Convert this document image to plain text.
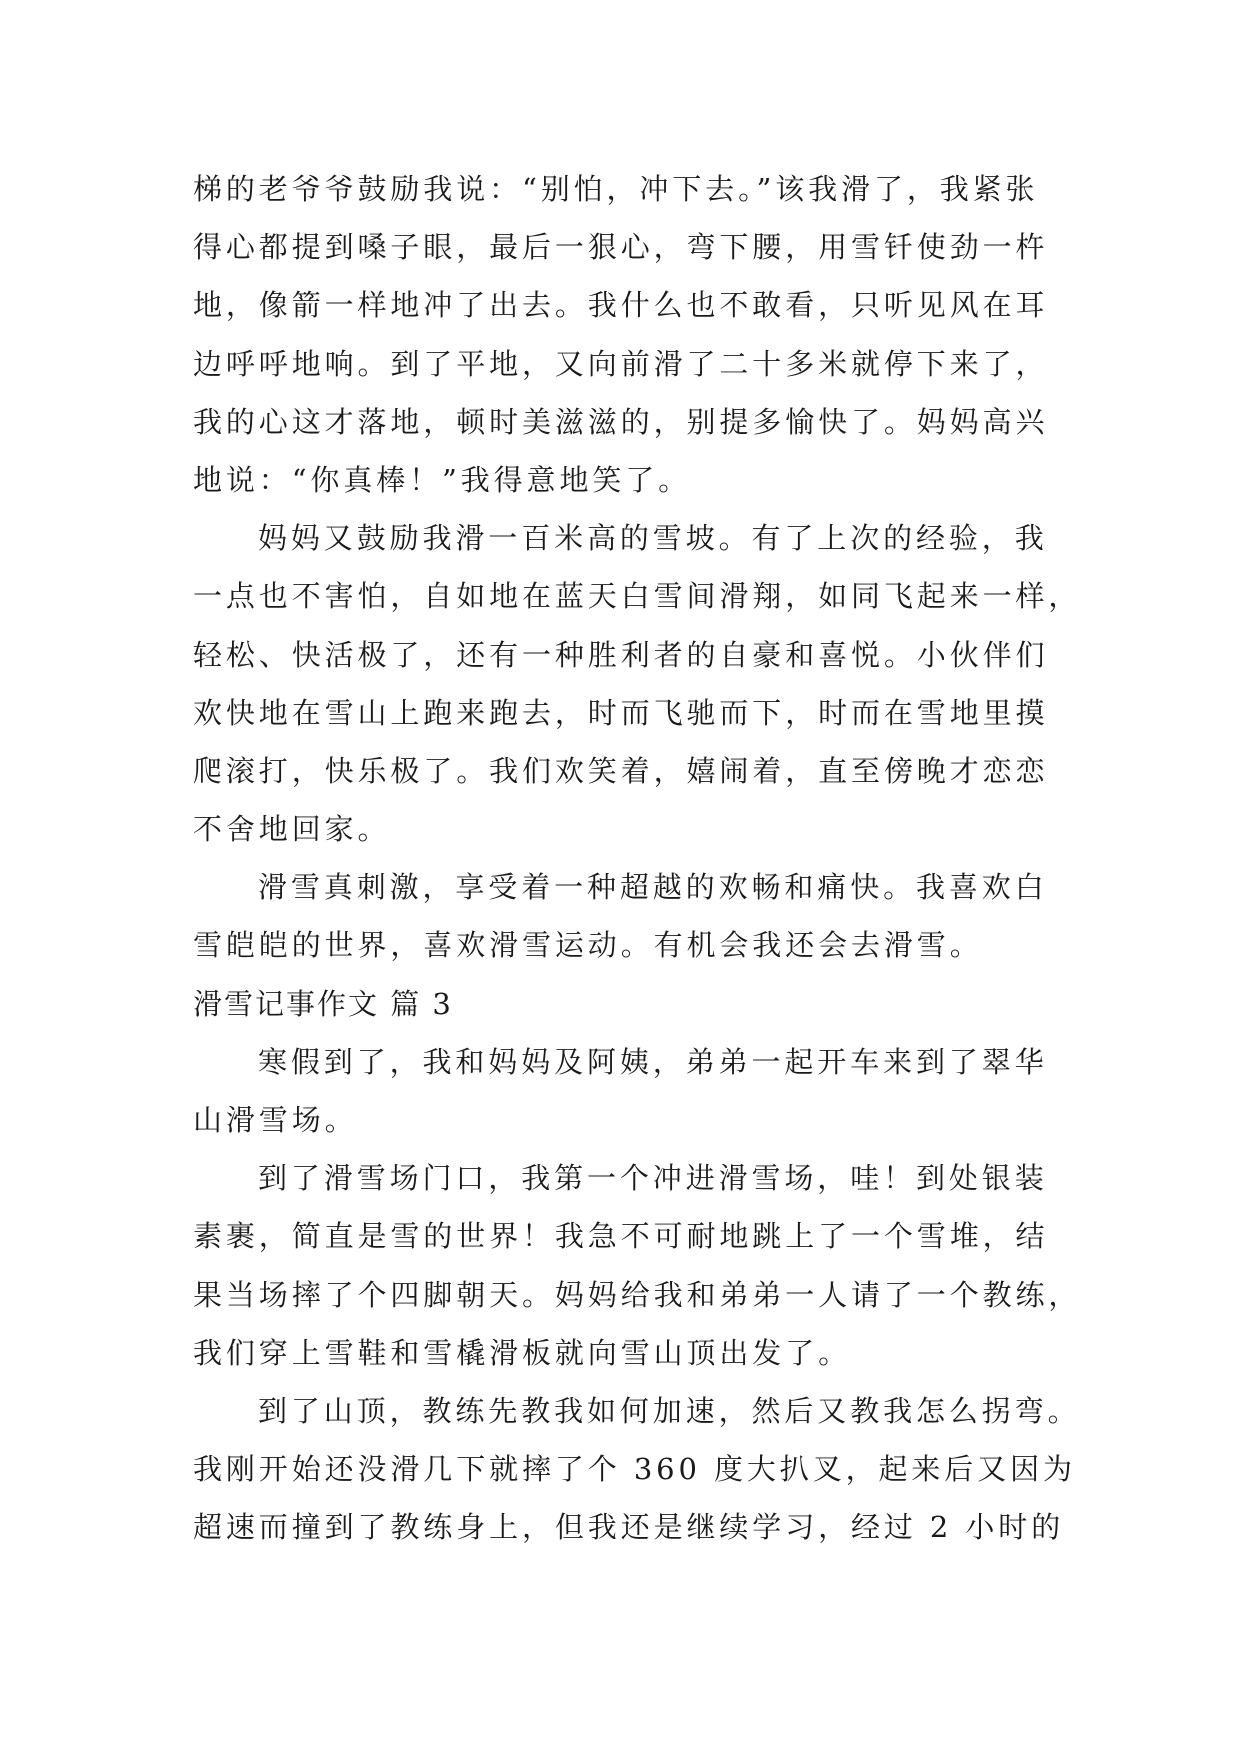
梯的老爷爷鼓励我说：“别怕，冲下去。”该我滑了，我紧张
得心都提到嗓子眼，最后一狠心，弯下腰，用雪钎使劲一杵
地，像箭一样地冲了出去。我什么也不敢看，只听见风在耳
边呼呼地响。到了平地，又向前滑了二十多米就停下来了，
我的心这才落地，顿时美滋滋的，别提多愉快了。妈妈高兴
地说：“你真棒！”我得意地笑了。
妈妈又鼓励我滑一百米高的雪坡。有了上次的经验，我
一点也不害怕，自如地在蓝天白雪间滑翔，如同飞起来一样，
轻松、快活极了，还有一种胜利者的自豪和喜悦。小伙伴们
欢快地在雪山上跑来跑去，时而飞驰而下，时而在雪地里摸
爬滚打，快乐极了。我们欢笑着，嬉闹着，直至傍晚才恋恋
不舍地回家。
滑雪真刺激，享受着一种超越的欢畅和痛快。我喜欢白
雪皑皑的世界，喜欢滑雪运动。有机会我还会去滑雪。
滑雪记事作文 篇 3
寒假到了，我和妈妈及阿姨，弟弟一起开车来到了翠华
山滑雪场。
到了滑雪场门口，我第一个冲进滑雪场，哇！到处银装
素裹，简直是雪的世界！我急不可耐地跳上了一个雪堆，结
果当场摔了个四脚朝天。妈妈给我和弟弟一人请了一个教练，
我们穿上雪鞋和雪橇滑板就向雪山顶出发了。
到了山顶，教练先教我如何加速，然后又教我怎么拐弯。
我刚开始还没滑几下就摔了个 360 度大扒叉，起来后又因为
超速而撞到了教练身上，但我还是继续学习，经过 2 小时的
